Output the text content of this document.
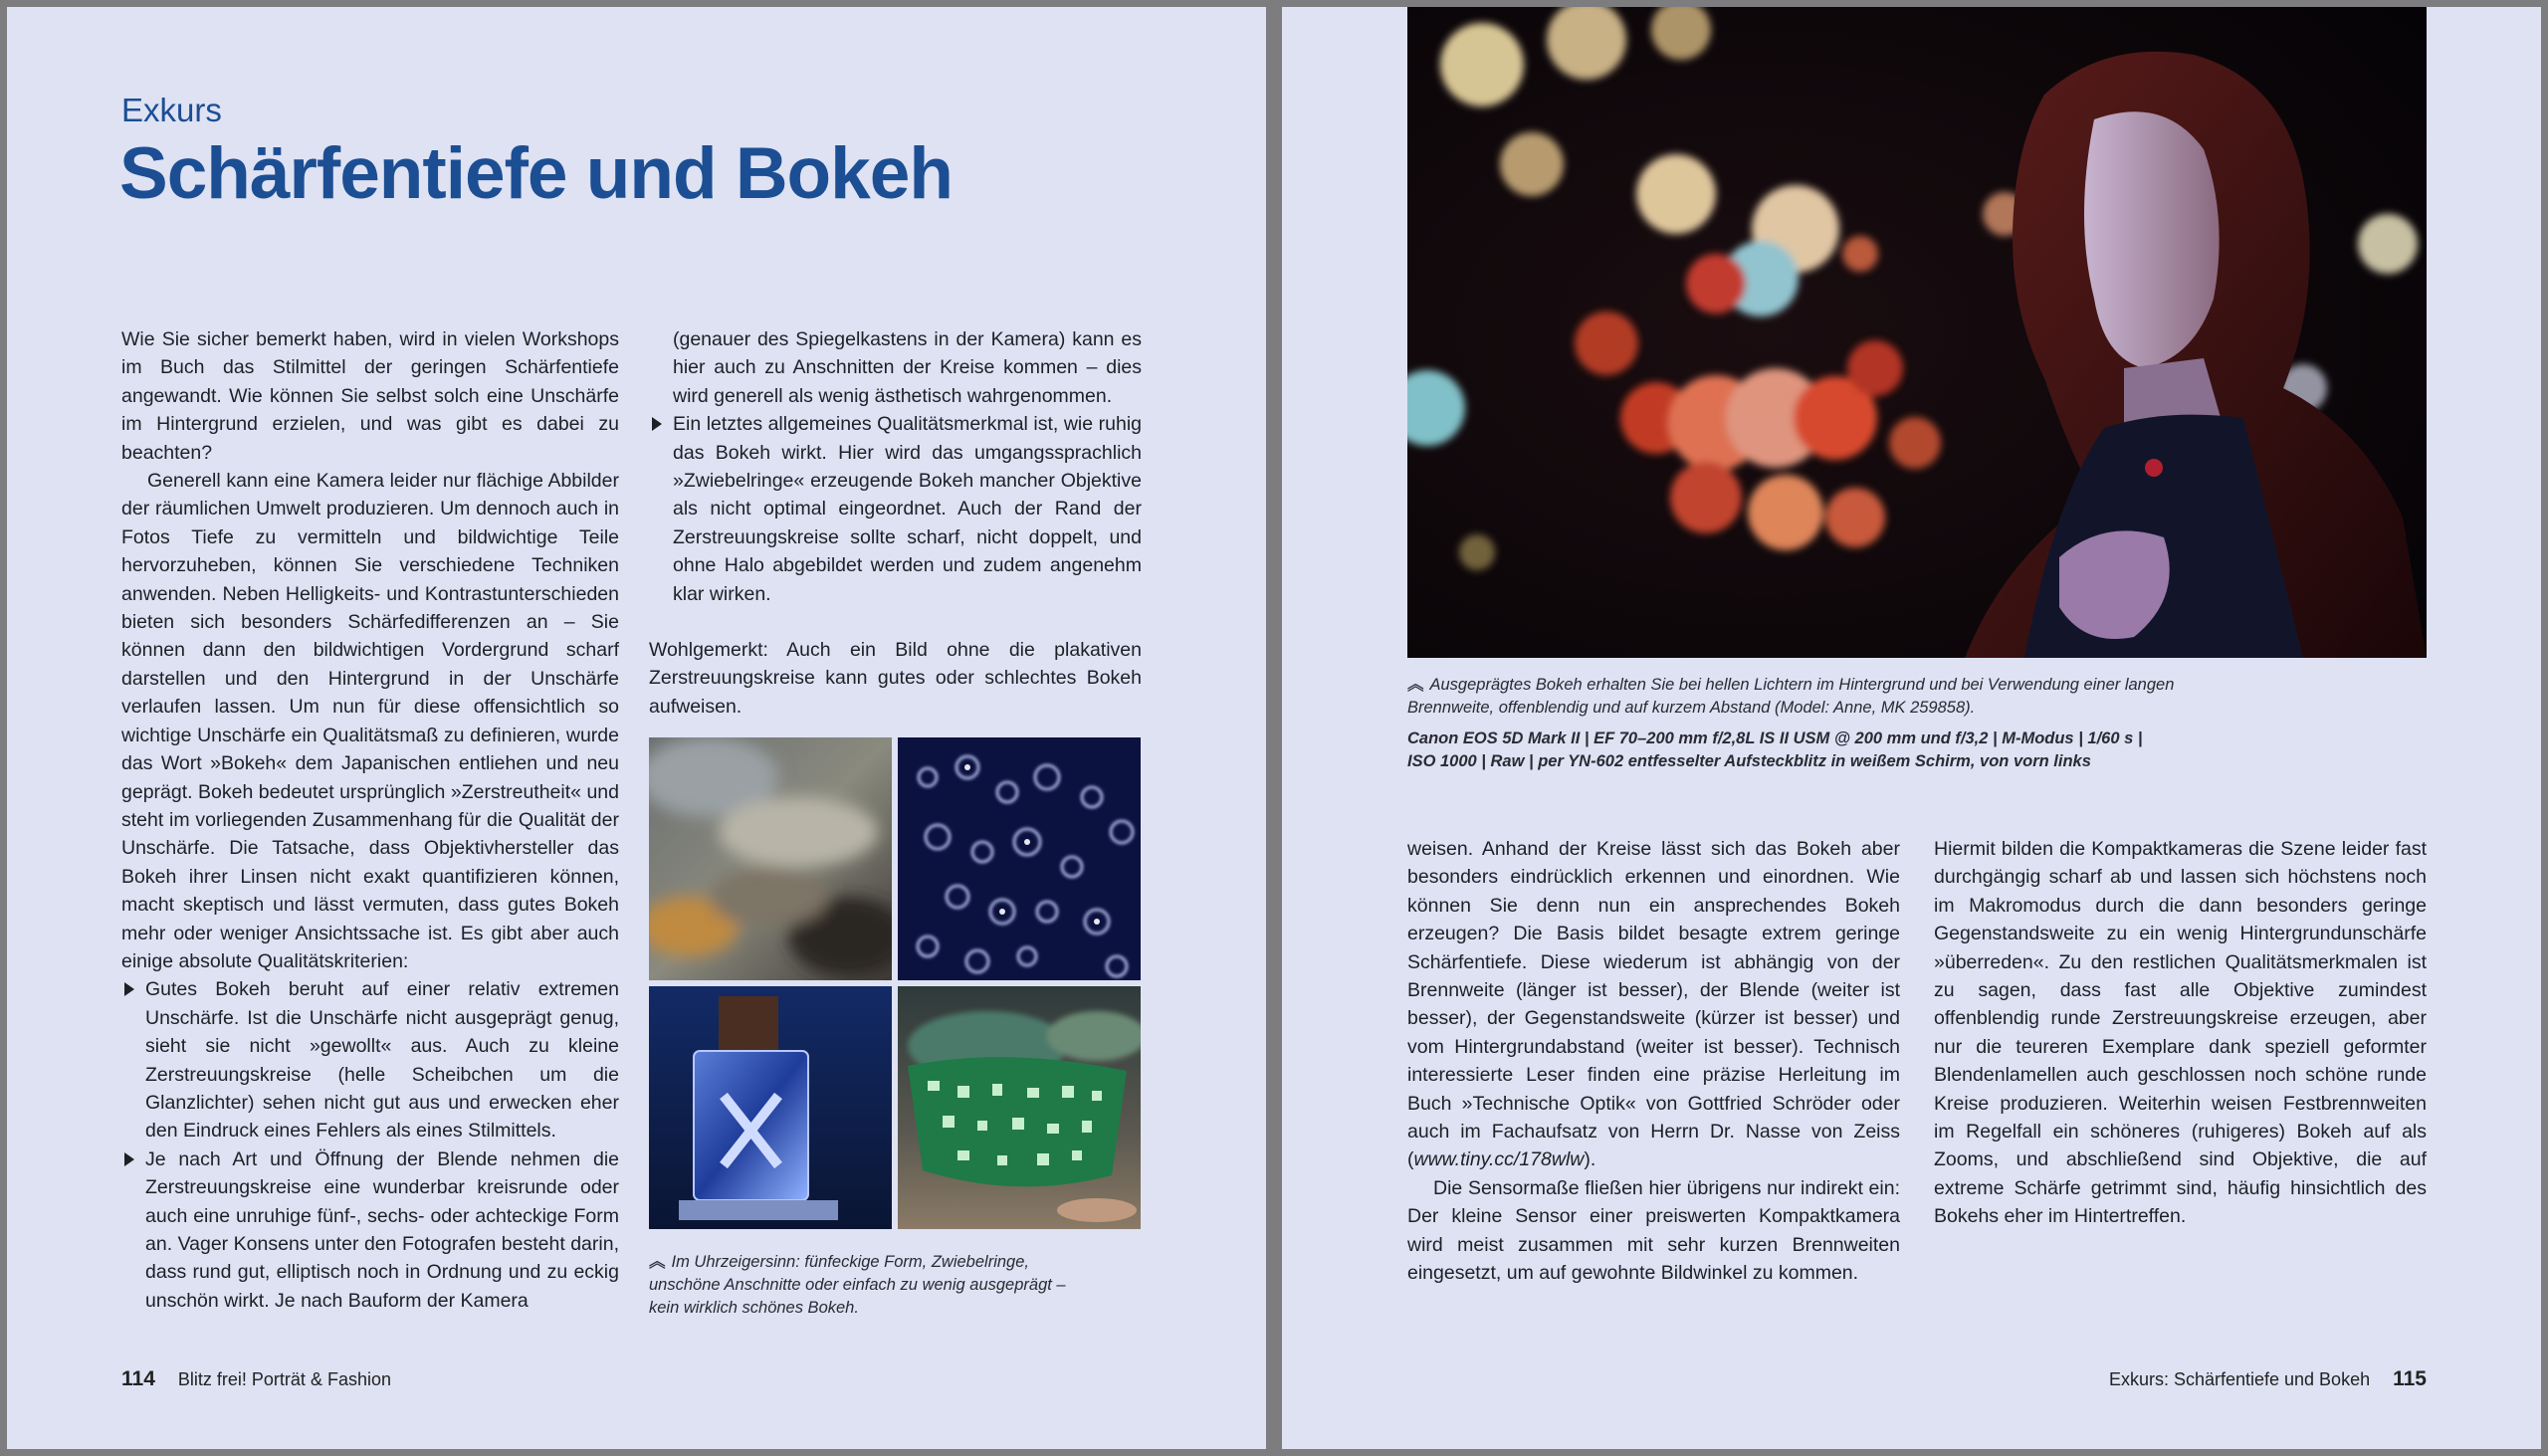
Exkurs
Schärfentiefe und Bokeh

Wie Sie sicher bemerkt haben, wird in vielen Workshops im Buch das Stilmittel der geringen Schärfentiefe angewandt. Wie können Sie selbst solch eine Unschärfe im Hintergrund erzielen, und was gibt es dabei zu beachten?

Generell kann eine Kamera leider nur flächige Abbilder der räumlichen Umwelt produzieren. Um dennoch auch in Fotos Tiefe zu vermitteln und bildwichtige Teile hervorzuheben, können Sie verschiedene Techniken anwenden. Neben Helligkeits- und Kontrastunterschieden bieten sich besonders Schärfedifferenzen an – Sie können dann den bildwichtigen Vordergrund scharf darstellen und den Hintergrund in der Unschärfe verlaufen lassen. Um nun für diese offensichtlich so wichtige Unschärfe ein Qualitätsmaß zu definieren, wurde das Wort »Bokeh« dem Japanischen entliehen und neu geprägt. Bokeh bedeutet ursprünglich »Zerstreutheit« und steht im vorliegenden Zusammenhang für die Qualität der Unschärfe. Die Tatsache, dass Objektivhersteller das Bokeh ihrer Linsen nicht exakt quantifizieren können, macht skeptisch und lässt vermuten, dass gutes Bokeh mehr oder weniger Ansichtssache ist. Es gibt aber auch einige absolute Qualitätskriterien:

Gutes Bokeh beruht auf einer relativ extremen Unschärfe. Ist die Unschärfe nicht ausgeprägt genug, sieht sie nicht »gewollt« aus. Auch zu kleine Zerstreuungskreise (helle Scheibchen um die Glanzlichter) sehen nicht gut aus und erwecken eher den Eindruck eines Fehlers als eines Stilmittels.
Je nach Art und Öffnung der Blende nehmen die Zerstreuungskreise eine wunderbar kreisrunde oder auch eine unruhige fünf-, sechs- oder achteckige Form an. Vager Konsens unter den Fotografen besteht darin, dass rund gut, elliptisch noch in Ordnung und zu eckig unschön wirkt. Je nach Bauform der Kamera

(genauer des Spiegelkastens in der Kamera) kann es hier auch zu Anschnitten der Kreise kommen – dies wird generell als wenig ästhetisch wahrgenommen.

Ein letztes allgemeines Qualitätsmerkmal ist, wie ruhig das Bokeh wirkt. Hier wird das umgangssprachlich »Zwiebelringe« erzeugende Bokeh mancher Objektive als nicht optimal eingeordnet. Auch der Rand der Zerstreuungskreise sollte scharf, nicht doppelt, und ohne Halo abgebildet werden und zudem angenehm klar wirken.

Wohlgemerkt: Auch ein Bild ohne die plakativen Zerstreuungskreise kann gutes oder schlechtes Bokeh aufweisen.

︽ Im Uhrzeigersinn: fünfeckige Form, Zwiebelringe, unschöne Anschnitte oder einfach zu wenig ausgeprägt – kein wirklich schönes Bokeh.
114 Blitz frei! Porträt & Fashion
︽ Ausgeprägtes Bokeh erhalten Sie bei hellen Lichtern im Hintergrund und bei Verwendung einer langen Brennweite, offenblendig und auf kurzem Abstand (Model: Anne, MK 259858).
Canon EOS 5D Mark II | EF 70–200 mm f/2,8L IS II USM @ 200 mm und f/3,2 | M-Modus | 1/60 s |
ISO 1000 | Raw | per YN-602 entfesselter Aufsteckblitz in weißem Schirm, von vorn links

weisen. Anhand der Kreise lässt sich das Bokeh aber besonders eindrücklich erkennen und einordnen. Wie können Sie denn nun ein ansprechendes Bokeh erzeugen? Die Basis bildet besagte extrem geringe Schärfentiefe. Diese wiederum ist abhängig von der Brennweite (länger ist besser), der Blende (weiter ist besser), der Gegenstandsweite (kürzer ist besser) und vom Hintergrundabstand (weiter ist besser). Technisch interessierte Leser finden eine präzise Herleitung im Buch »Technische Optik« von Gottfried Schröder oder auch im Fachaufsatz von Herrn Dr. Nasse von Zeiss (www.tiny.cc/178wlw).

Die Sensormaße fließen hier übrigens nur indirekt ein: Der kleine Sensor einer preiswerten Kompaktkamera wird meist zusammen mit sehr kurzen Brennweiten eingesetzt, um auf gewohnte Bildwinkel zu kommen.

Hiermit bilden die Kompaktkameras die Szene leider fast durchgängig scharf ab und lassen sich höchstens noch im Makromodus durch die dann besonders geringe Gegenstandsweite zu ein wenig Hintergrundunschärfe »überreden«. Zu den restlichen Qualitätsmerkmalen ist zu sagen, dass fast alle Objektive zumindest offenblendig runde Zerstreuungskreise erzeugen, aber nur die teureren Exemplare dank speziell geformter Blendenlamellen auch geschlossen noch schöne runde Kreise produzieren. Weiterhin weisen Festbrennweiten im Regelfall ein schöneres (ruhigeres) Bokeh auf als Zooms, und abschließend sind Objektive, die auf extreme Schärfe getrimmt sind, häufig hinsichtlich des Bokehs eher im Hintertreffen.

Exkurs: Schärfentiefe und Bokeh 115
